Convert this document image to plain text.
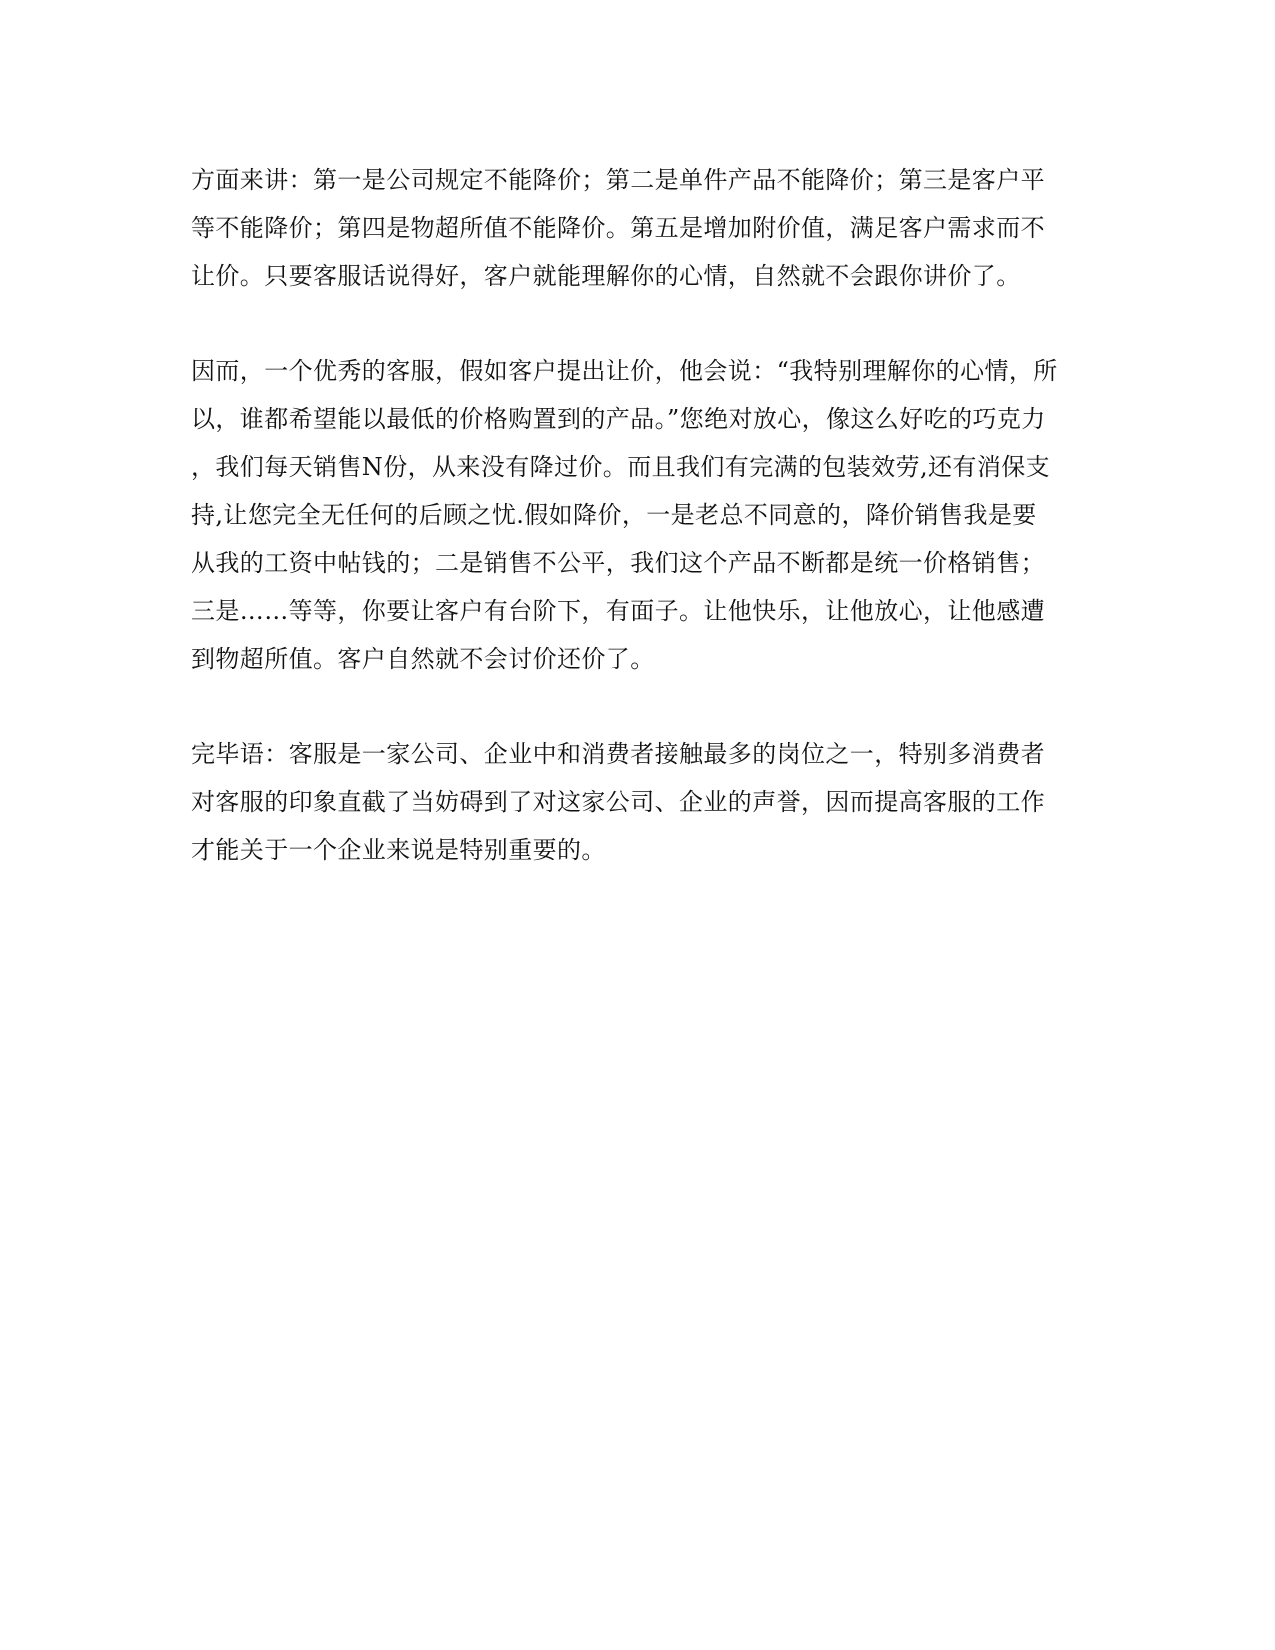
方面来讲：第一是公司规定不能降价；第二是单件产品不能降价；第三是客户平
等不能降价；第四是物超所值不能降价。第五是增加附价值，满足客户需求而不
让价。只要客服话说得好，客户就能理解你的心情，自然就不会跟你讲价了。

因而，一个优秀的客服，假如客户提出让价，他会说：“我特别理解你的心情，所
以，谁都希望能以最低的价格购置到的产品。”您绝对放心，像这么好吃的巧克力
，我们每天销售N份，从来没有降过价。而且我们有完满的包装效劳,还有消保支
持,让您完全无任何的后顾之忧.假如降价，一是老总不同意的，降价销售我是要
从我的工资中帖钱的；二是销售不公平，我们这个产品不断都是统一价格销售；
三是……等等，你要让客户有台阶下，有面子。让他快乐，让他放心，让他感遭
到物超所值。客户自然就不会讨价还价了。

完毕语：客服是一家公司、企业中和消费者接触最多的岗位之一，特别多消费者
对客服的印象直截了当妨碍到了对这家公司、企业的声誉，因而提高客服的工作
才能关于一个企业来说是特别重要的。
